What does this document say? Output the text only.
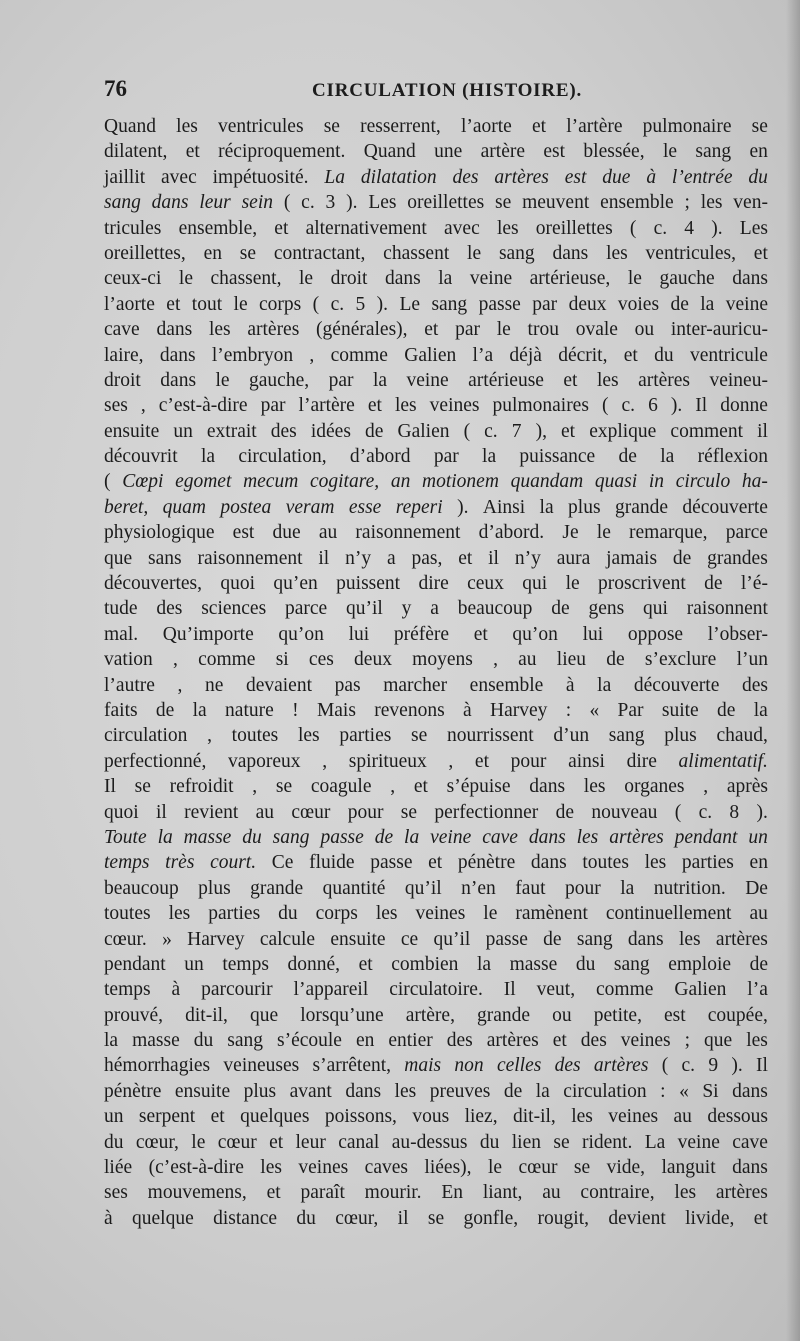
76	CIRCULATION (HISTOIRE).
Quand les ventricules se resserrent, l’aorte et l’artère pulmonaire se
dilatent, et réciproquement. Quand une artère est blessée, le sang en
jaillit avec impétuosité. La dilatation des artères est due à l’entrée du
sang dans leur sein ( c. 3 ). Les oreillettes se meuvent ensemble ; les ven-
tricules ensemble, et alternativement avec les oreillettes ( c. 4 ). Les
oreillettes, en se contractant, chassent le sang dans les ventricules, et
ceux-ci le chassent, le droit dans la veine artérieuse, le gauche dans
l’aorte et tout le corps ( c. 5 ). Le sang passe par deux voies de la veine
cave dans les artères (générales), et par le trou ovale ou inter-auricu-
laire, dans l’embryon , comme Galien l’a déjà décrit, et du ventricule
droit dans le gauche, par la veine artérieuse et les artères veineu-
ses , c’est-à-dire par l’artère et les veines pulmonaires ( c. 6 ). Il donne
ensuite un extrait des idées de Galien ( c. 7 ), et explique comment il
découvrit la circulation, d’abord par la puissance de la réflexion
( Cœpi egomet mecum cogitare, an motionem quandam quasi in circulo ha-
beret, quam postea veram esse reperi ). Ainsi la plus grande découverte
physiologique est due au raisonnement d’abord. Je le remarque, parce
que sans raisonnement il n’y a pas, et il n’y aura jamais de grandes
découvertes, quoi qu’en puissent dire ceux qui le proscrivent de l’é-
tude des sciences parce qu’il y a beaucoup de gens qui raisonnent
mal. Qu’importe qu’on lui préfère et qu’on lui oppose l’obser-
vation , comme si ces deux moyens , au lieu de s’exclure l’un
l’autre , ne devaient pas marcher ensemble à la découverte des
faits de la nature ! Mais revenons à Harvey : « Par suite de la
circulation , toutes les parties se nourrissent d’un sang plus chaud,
perfectionné, vaporeux , spiritueux , et pour ainsi dire alimentatif.
Il se refroidit , se coagule , et s’épuise dans les organes , après
quoi il revient au cœur pour se perfectionner de nouveau ( c. 8 ).
Toute la masse du sang passe de la veine cave dans les artères pendant un
temps très court. Ce fluide passe et pénètre dans toutes les parties en
beaucoup plus grande quantité qu’il n’en faut pour la nutrition. De
toutes les parties du corps les veines le ramènent continuellement au
cœur. » Harvey calcule ensuite ce qu’il passe de sang dans les artères
pendant un temps donné, et combien la masse du sang emploie de
temps à parcourir l’appareil circulatoire. Il veut, comme Galien l’a
prouvé, dit-il, que lorsqu’une artère, grande ou petite, est coupée,
la masse du sang s’écoule en entier des artères et des veines ; que les
hémorrhagies veineuses s’arrêtent, mais non celles des artères ( c. 9 ). Il
pénètre ensuite plus avant dans les preuves de la circulation : « Si dans
un serpent et quelques poissons, vous liez, dit-il, les veines au dessous
du cœur, le cœur et leur canal au-dessus du lien se rident. La veine cave
liée (c’est-à-dire les veines caves liées), le cœur se vide, languit dans
ses mouvemens, et paraît mourir. En liant, au contraire, les artères
à quelque distance du cœur, il se gonfle, rougit, devient livide, et
